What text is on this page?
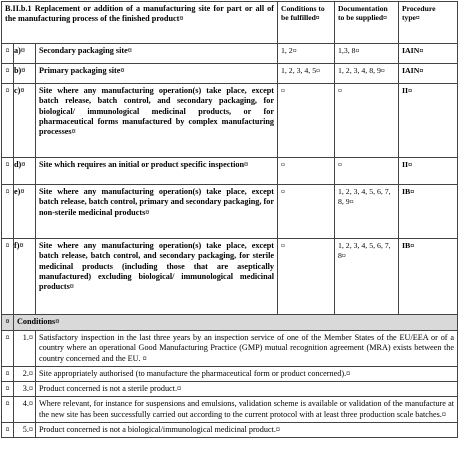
B.II.b.1 Replacement or addition of a manufacturing site for part or all of the manufacturing process of the finished product¤			Conditions to be fulfilled¤	Documentation to be supplied¤	Procedure type¤
¤	a)¤	Secondary packaging site¤	1, 2¤	1,3, 8¤	IAIN¤
¤	b)¤	Primary packaging site¤	1, 2, 3, 4, 5¤	1, 2, 3, 4, 8, 9¤	IAIN¤
¤	c)¤	Site where any manufacturing operation(s) take place, except batch release, batch control, and secondary packaging, for biological/ immunological medicinal products, or for pharmaceutical forms manufactured by complex manufacturing processes¤	¤	¤	II¤
¤	d)¤	Site which requires an initial or product specific inspection¤	¤	¤	II¤
¤	e)¤	Site where any manufacturing operation(s) take place, except batch release, batch control, primary and secondary packaging, for non-sterile medicinal products¤	¤	1, 2, 3, 4, 5, 6, 7, 8, 9¤	IB¤
¤	f)¤	Site where any manufacturing operation(s) take place, except batch release, batch control, and secondary packaging, for sterile medicinal products (including those that are aseptically manufactured) excluding biological/ immunological medicinal products¤	¤	1, 2, 3, 4, 5, 6, 7, 8¤	IB¤
¤	Conditions¤				
¤	1.¤	Satisfactory inspection in the last three years by an inspection service of one of the Member States of the EU/EEA or of a country where an operational Good Manufacturing Practice (GMP) mutual recognition agreement (MRA) exists between the country concerned and the EU. ¤			
¤	2.¤	Site appropriately authorised (to manufacture the pharmaceutical form or product concerned).¤			
¤	3.¤	Product concerned is not a sterile product.¤			
¤	4.¤	Where relevant, for instance for suspensions and emulsions, validation scheme is available or validation of the manufacture at the new site has been successfully carried out according to the current protocol with at least three production scale batches.¤			
¤	5.¤	Product concerned is not a biological/immunological medicinal product.¤			
